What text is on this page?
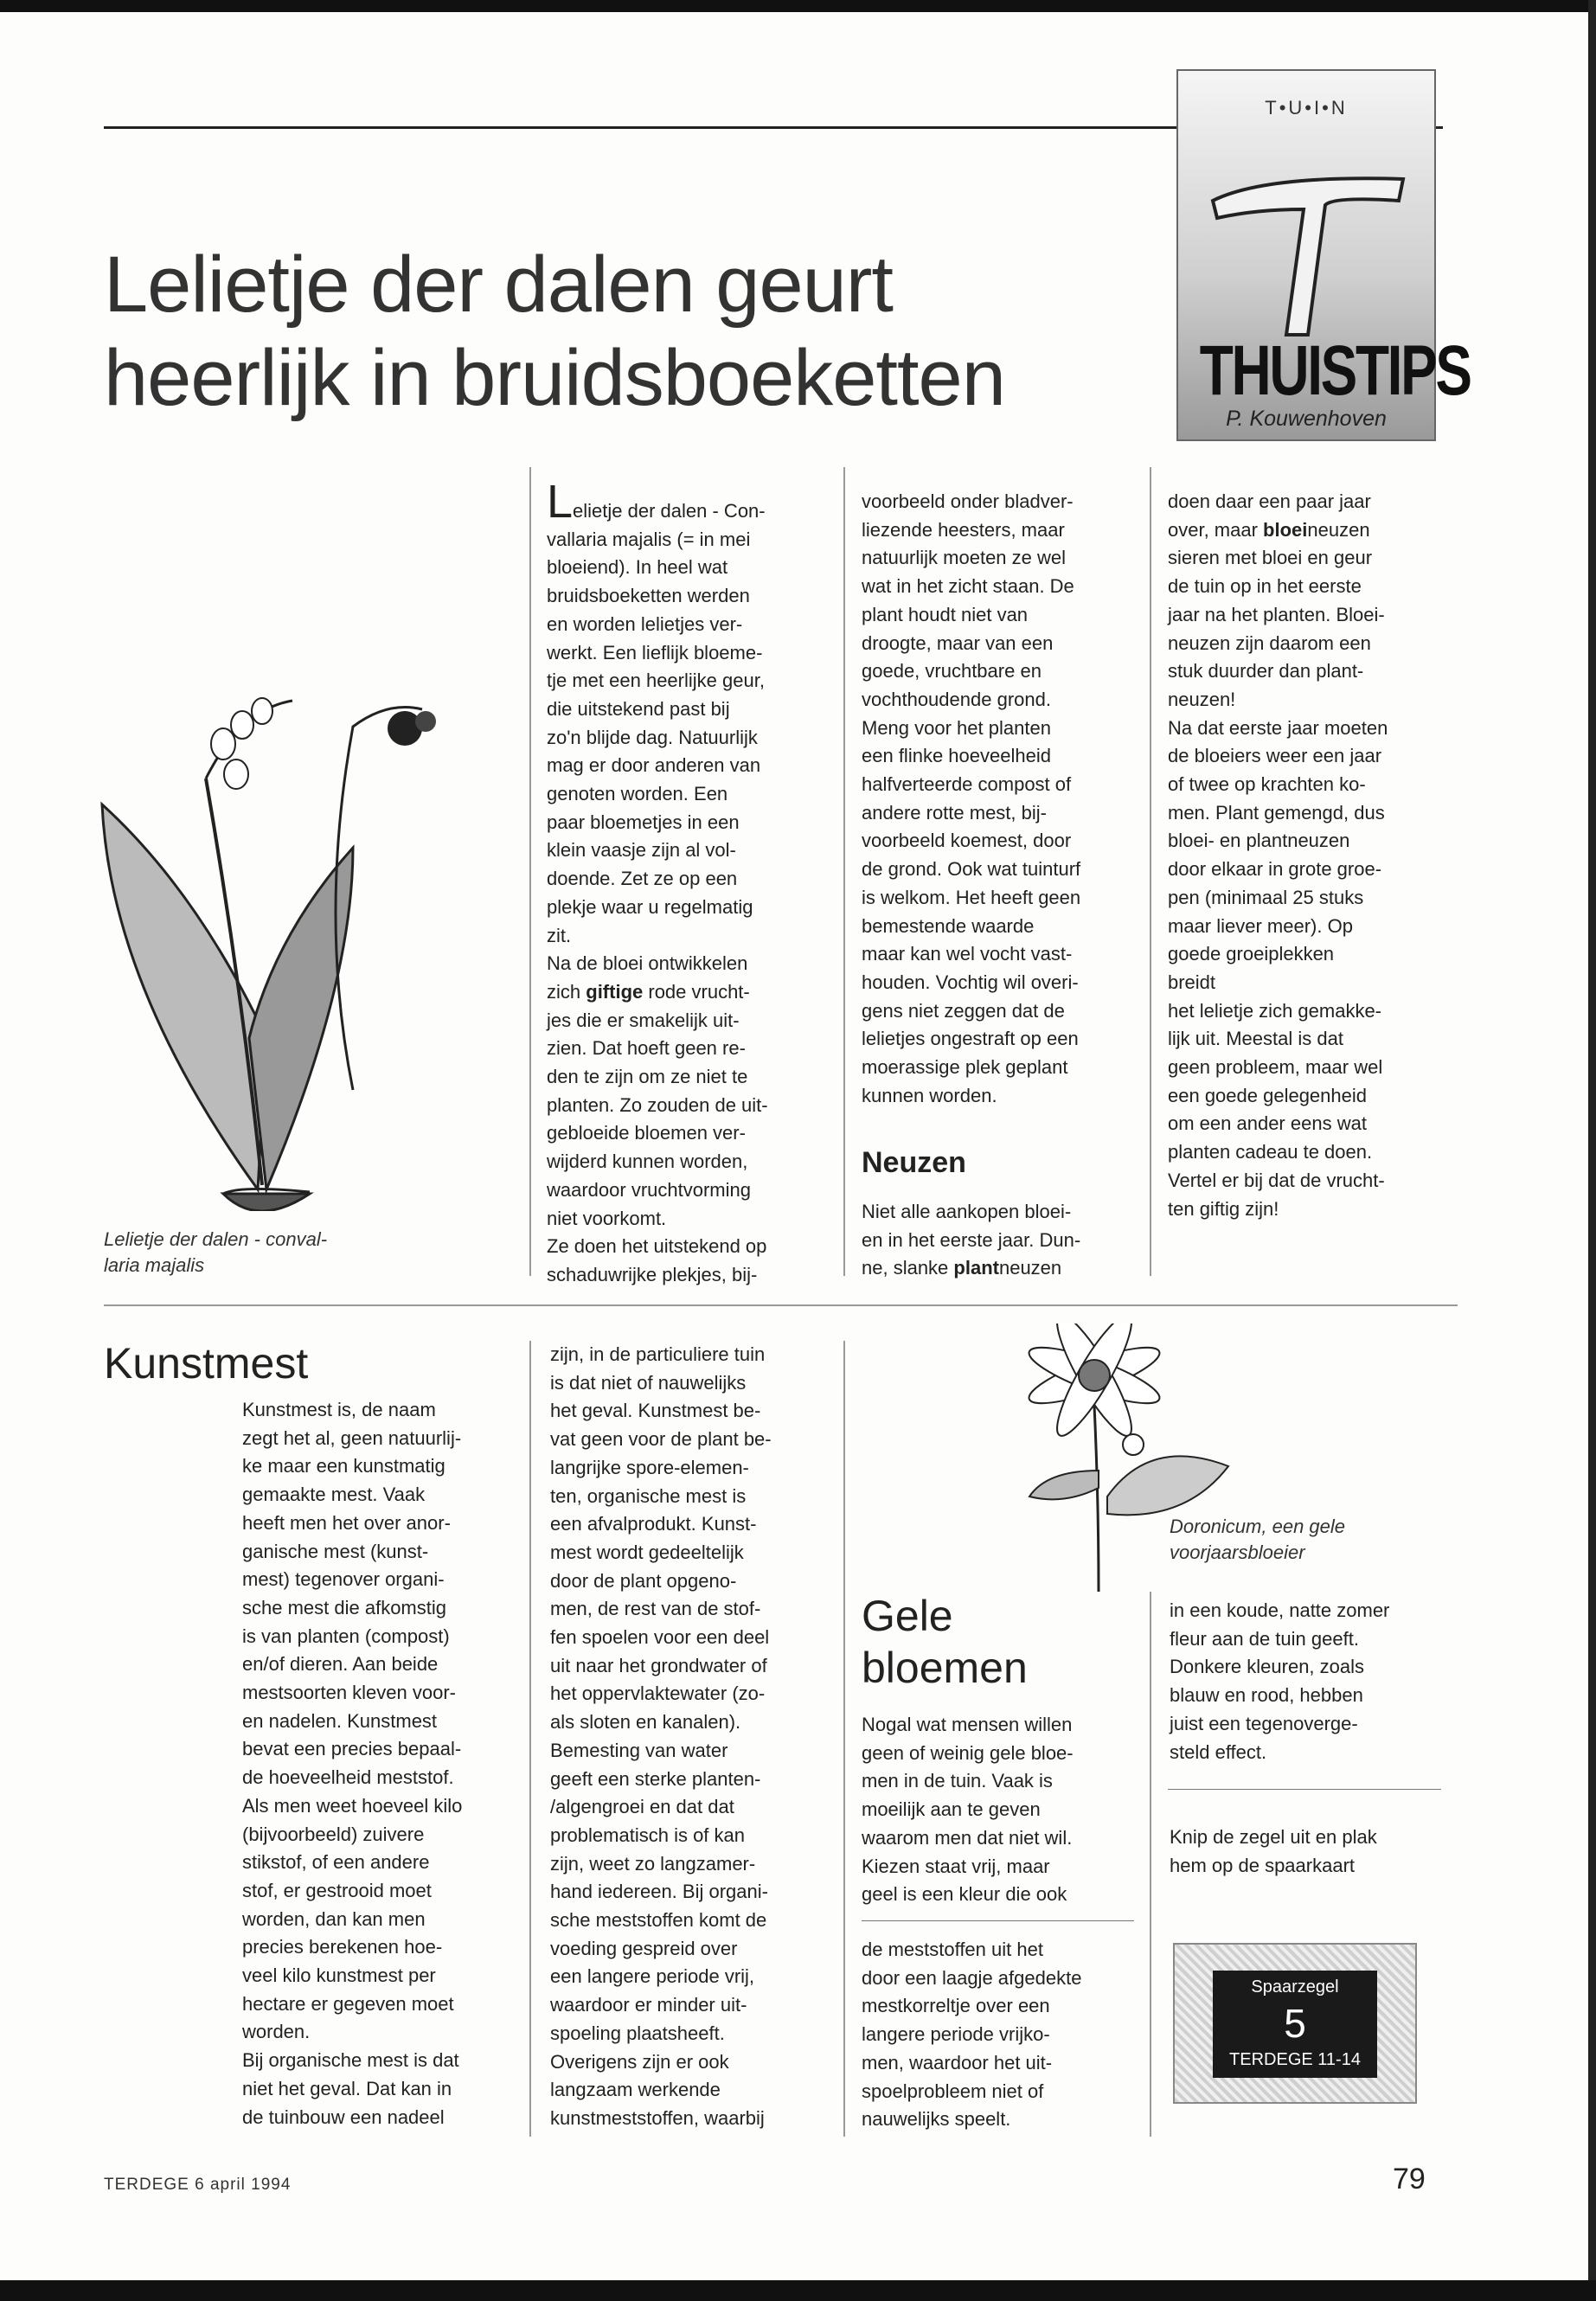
Lelietje der dalen geurt
heerlijk in bruidsboeketten
T•U•I•N
THUISTIPS
P. Kouwenhoven
Lelietje der dalen - conval-
laria majalis
Lelietje der dalen - Con-
vallaria majalis (= in mei
bloeiend). In heel wat
bruidsboeketten werden
en worden lelietjes ver-
werkt. Een lieflijk bloeme-
tje met een heerlijke geur,
die uitstekend past bij
zo'n blijde dag. Natuurlijk
mag er door anderen van
genoten worden. Een
paar bloemetjes in een
klein vaasje zijn al vol-
doende. Zet ze op een
plekje waar u regelmatig
zit.
Na de bloei ontwikkelen
zich giftige rode vrucht-
jes die er smakelijk uit-
zien. Dat hoeft geen re-
den te zijn om ze niet te
planten. Zo zouden de uit-
gebloeide bloemen ver-
wijderd kunnen worden,
waardoor vruchtvorming
niet voorkomt.
Ze doen het uitstekend op
schaduwrijke plekjes, bij-
voorbeeld onder bladver-
liezende heesters, maar
natuurlijk moeten ze wel
wat in het zicht staan. De
plant houdt niet van
droogte, maar van een
goede, vruchtbare en
vochthoudende grond.
Meng voor het planten
een flinke hoeveelheid
halfverteerde compost of
andere rotte mest, bij-
voorbeeld koemest, door
de grond. Ook wat tuinturf
is welkom. Het heeft geen
bemestende waarde
maar kan wel vocht vast-
houden. Vochtig wil overi-
gens niet zeggen dat de
lelietjes ongestraft op een
moerassige plek geplant
kunnen worden.
Neuzen
Niet alle aankopen bloei-
en in het eerste jaar. Dun-
ne, slanke plantneuzen
doen daar een paar jaar
over, maar bloeineuzen
sieren met bloei en geur
de tuin op in het eerste
jaar na het planten. Bloei-
neuzen zijn daarom een
stuk duurder dan plant-
neuzen!
Na dat eerste jaar moeten
de bloeiers weer een jaar
of twee op krachten ko-
men. Plant gemengd, dus
bloei- en plantneuzen
door elkaar in grote groe-
pen (minimaal 25 stuks
maar liever meer). Op
goede groeiplekken
breidt
het lelietje zich gemakke-
lijk uit. Meestal is dat
geen probleem, maar wel
een goede gelegenheid
om een ander eens wat
planten cadeau te doen.
Vertel er bij dat de vrucht-
ten giftig zijn!
Kunstmest
Kunstmest is, de naam
zegt het al, geen natuurlij-
ke maar een kunstmatig
gemaakte mest. Vaak
heeft men het over anor-
ganische mest (kunst-
mest) tegenover organi-
sche mest die afkomstig
is van planten (compost)
en/of dieren. Aan beide
mestsoorten kleven voor-
en nadelen. Kunstmest
bevat een precies bepaal-
de hoeveelheid meststof.
Als men weet hoeveel kilo
(bijvoorbeeld) zuivere
stikstof, of een andere
stof, er gestrooid moet
worden, dan kan men
precies berekenen hoe-
veel kilo kunstmest per
hectare er gegeven moet
worden.
Bij organische mest is dat
niet het geval. Dat kan in
de tuinbouw een nadeel
zijn, in de particuliere tuin
is dat niet of nauwelijks
het geval. Kunstmest be-
vat geen voor de plant be-
langrijke spore-elemen-
ten, organische mest is
een afvalprodukt. Kunst-
mest wordt gedeeltelijk
door de plant opgeno-
men, de rest van de stof-
fen spoelen voor een deel
uit naar het grondwater of
het oppervlaktewater (zo-
als sloten en kanalen).
Bemesting van water
geeft een sterke planten-
/algengroei en dat dat
problematisch is of kan
zijn, weet zo langzamer-
hand iedereen. Bij organi-
sche meststoffen komt de
voeding gespreid over
een langere periode vrij,
waardoor er minder uit-
spoeling plaatsheeft.
Overigens zijn er ook
langzaam werkende
kunstmeststoffen, waarbij
Doronicum, een gele
voorjaarsbloeier
Gele
bloemen
Nogal wat mensen willen
geen of weinig gele bloe-
men in de tuin. Vaak is
moeilijk aan te geven
waarom men dat niet wil.
Kiezen staat vrij, maar
geel is een kleur die ook
de meststoffen uit het
door een laagje afgedekte
mestkorreltje over een
langere periode vrijko-
men, waardoor het uit-
spoelprobleem niet of
nauwelijks speelt.
in een koude, natte zomer
fleur aan de tuin geeft.
Donkere kleuren, zoals
blauw en rood, hebben
juist een tegenoverge-
steld effect.
Knip de zegel uit en plak
hem op de spaarkaart
Spaarzegel
5
TERDEGE 11-14
TERDEGE 6 april 1994	79
